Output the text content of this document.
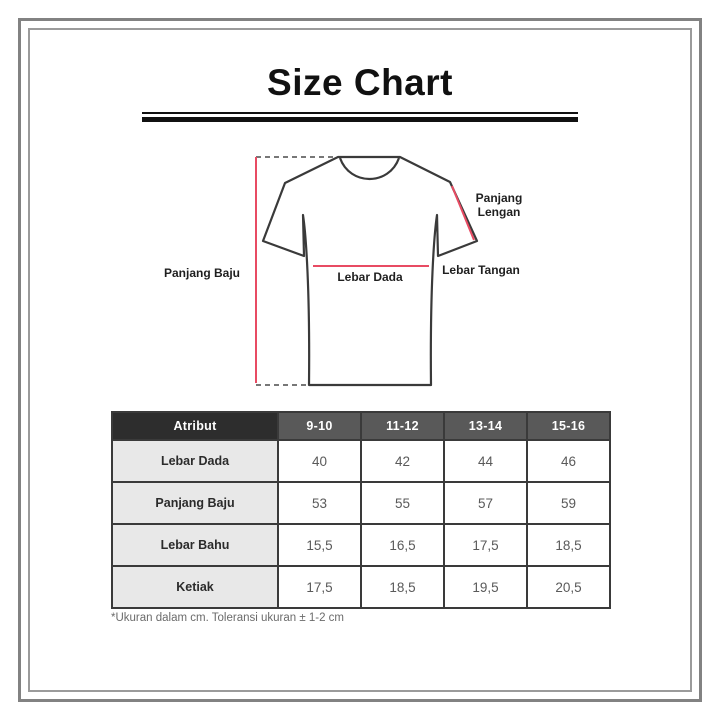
Size Chart
Panjang Baju	Lebar Dada
Panjang
Lengan
Lebar Tangan
Atribut	9-10	11-12	13-14	15-16
Lebar Dada	40	42	44	46
Panjang Baju	53	55	57	59
Lebar Bahu	15,5	16,5	17,5	18,5
Ketiak	17,5	18,5	19,5	20,5
*Ukuran dalam cm. Toleransi ukuran ± 1-2 cm
